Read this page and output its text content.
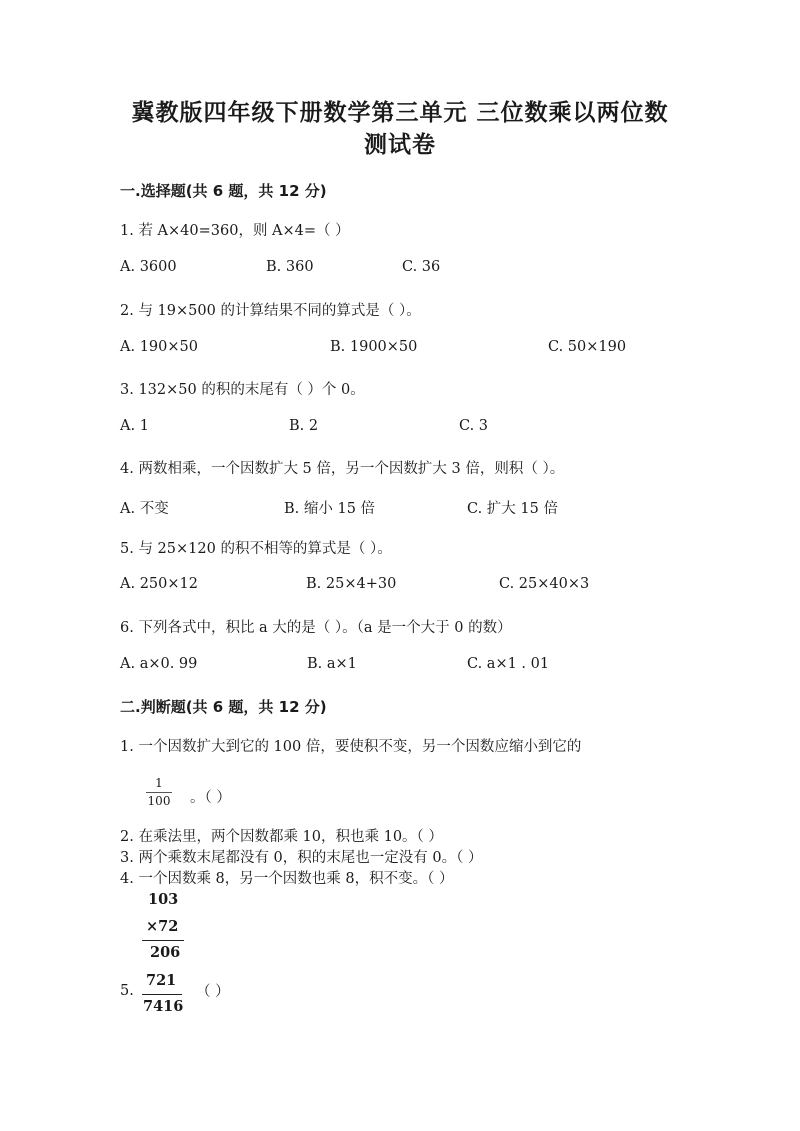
冀教版四年级下册数学第三单元 三位数乘以两位数
测试卷
一.选择题(共 6 题，共 12 分)
1. 若 A×40=360，则 A×4=（ ）
A. 3600	B. 360	C. 36
2. 与 19×500 的计算结果不同的算式是（ ）。
A. 190×50	B. 1900×50	C. 50×190
3. 132×50 的积的末尾有（ ）个 0。
A. 1	B. 2	C. 3
4. 两数相乘，一个因数扩大 5 倍，另一个因数扩大 3 倍，则积（ ）。
A. 不变	B. 缩小 15 倍	C. 扩大 15 倍
5. 与 25×120 的积不相等的算式是（ ）。
A. 250×12	B. 25×4+30	C. 25×40×3
6. 下列各式中，积比 a 大的是（ ）。（a 是一个大于 0 的数）
A. a×0. 99	B. a×1	C. a×1 . 01
二.判断题(共 6 题，共 12 分)
1. 一个因数扩大到它的 100 倍，要使积不变，另一个因数应缩小到它的
1
100 。（ ）
2. 在乘法里，两个因数都乘 10，积也乘 10。（ ）
3. 两个乘数末尾都没有 0，积的末尾也一定没有 0。（ ）
4. 一个因数乘 8，另一个因数也乘 8，积不变。（ ）
103
×72
206
5.
721
7416
（ ）
